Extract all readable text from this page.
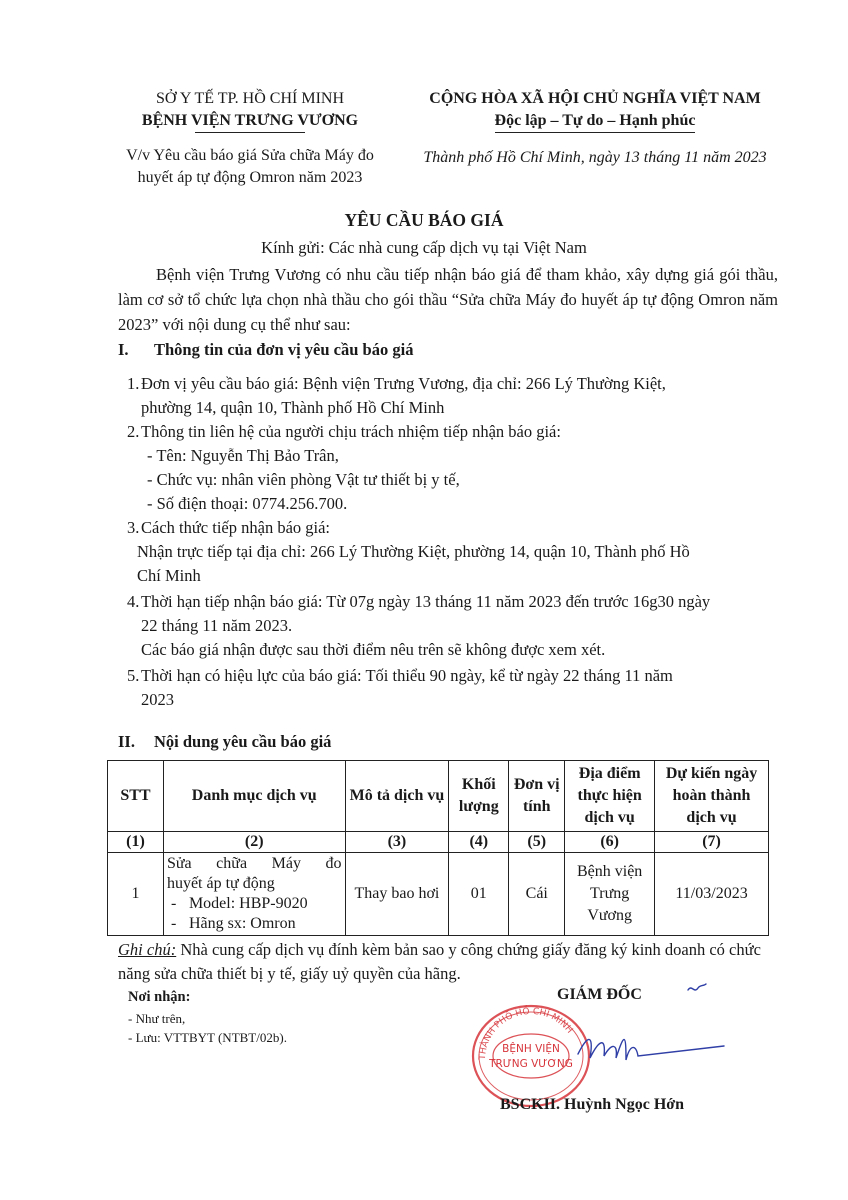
SỞ Y TẾ TP. HỒ CHÍ MINH
BỆNH VIỆN TRƯNG VƯƠNG
V/v Yêu cầu báo giá Sửa chữa Máy đo
huyết áp tự động Omron năm 2023
CỘNG HÒA XÃ HỘI CHỦ NGHĨA VIỆT NAM
Độc lập – Tự do – Hạnh phúc
Thành phố Hồ Chí Minh, ngày 13 tháng 11 năm 2023
YÊU CẦU BÁO GIÁ
Kính gửi: Các nhà cung cấp dịch vụ tại Việt Nam
Bệnh viện Trưng Vương có nhu cầu tiếp nhận báo giá để tham khảo, xây dựng giá gói thầu, làm cơ sở tổ chức lựa chọn nhà thầu cho gói thầu “Sửa chữa Máy đo huyết áp tự động Omron năm 2023” với nội dung cụ thể như sau:
I. Thông tin của đơn vị yêu cầu báo giá
1.Đơn vị yêu cầu báo giá: Bệnh viện Trưng Vương, địa chỉ: 266 Lý Thường Kiệt,
phường 14, quận 10, Thành phố Hồ Chí Minh
2.Thông tin liên hệ của người chịu trách nhiệm tiếp nhận báo giá:
- Tên: Nguyễn Thị Bảo Trân,
- Chức vụ: nhân viên phòng Vật tư thiết bị y tế,
- Số điện thoại: 0774.256.700.
3.Cách thức tiếp nhận báo giá:
Nhận trực tiếp tại địa chỉ: 266 Lý Thường Kiệt, phường 14, quận 10, Thành phố Hồ
Chí Minh
4.Thời hạn tiếp nhận báo giá: Từ 07g ngày 13 tháng 11 năm 2023 đến trước 16g30 ngày
22 tháng 11 năm 2023.
Các báo giá nhận được sau thời điểm nêu trên sẽ không được xem xét.
5.Thời hạn có hiệu lực của báo giá: Tối thiểu 90 ngày, kể từ ngày 22 tháng 11 năm
2023
II. Nội dung yêu cầu báo giá
STT	Danh mục dịch vụ	Mô tả dịch vụ	Khối lượng	Đơn vị tính	Địa điểm thực hiện dịch vụ	Dự kiến ngày hoàn thành dịch vụ
(1)	(2)	(3)	(4)	(5)	(6)	(7)
1	Sửa chữa Máy đo
huyết áp tự động
- Model: HBP-9020
- Hãng sx: Omron	Thay bao hơi	01	Cái	Bệnh viện Trưng Vương	11/03/2023
Ghi chú: Nhà cung cấp dịch vụ đính kèm bản sao y công chứng giấy đăng ký kinh doanh có chức năng sửa chữa thiết bị y tế, giấy uỷ quyền của hãng.
Nơi nhận:
- Như trên,
- Lưu: VTTBYT (NTBT/02b).
GIÁM ĐỐC
THÀNH PHỐ HỒ CHÍ MINH
BỆNH VIỆN
TRƯNG VƯƠNG
BSCKII. Huỳnh Ngọc Hớn
